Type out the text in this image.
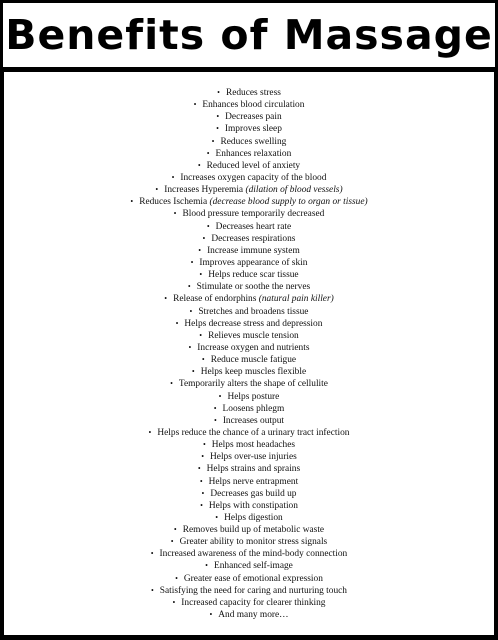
Benefits of Massage
• Reduces stress
• Enhances blood circulation
• Decreases pain
• Improves sleep
• Reduces swelling
• Enhances relaxation
• Reduced level of anxiety
• Increases oxygen capacity of the blood
• Increases Hyperemia (dilation of blood vessels)
• Reduces Ischemia (decrease blood supply to organ or tissue)
• Blood pressure temporarily decreased
• Decreases heart rate
• Decreases respirations
• Increase immune system
• Improves appearance of skin
• Helps reduce scar tissue
• Stimulate or soothe the nerves
• Release of endorphins (natural pain killer)
• Stretches and broadens tissue
• Helps decrease stress and depression
• Relieves muscle tension
• Increase oxygen and nutrients
• Reduce muscle fatigue
• Helps keep muscles flexible
• Temporarily alters the shape of cellulite
• Helps posture
• Loosens phlegm
• Increases output
• Helps reduce the chance of a urinary tract infection
• Helps most headaches
• Helps over-use injuries
• Helps strains and sprains
• Helps nerve entrapment
• Decreases gas build up
• Helps with constipation
• Helps digestion
• Removes build up of metabolic waste
• Greater ability to monitor stress signals
• Increased awareness of the mind-body connection
• Enhanced self-image
• Greater ease of emotional expression
• Satisfying the need for caring and nurturing touch
• Increased capacity for clearer thinking
• And many more…
